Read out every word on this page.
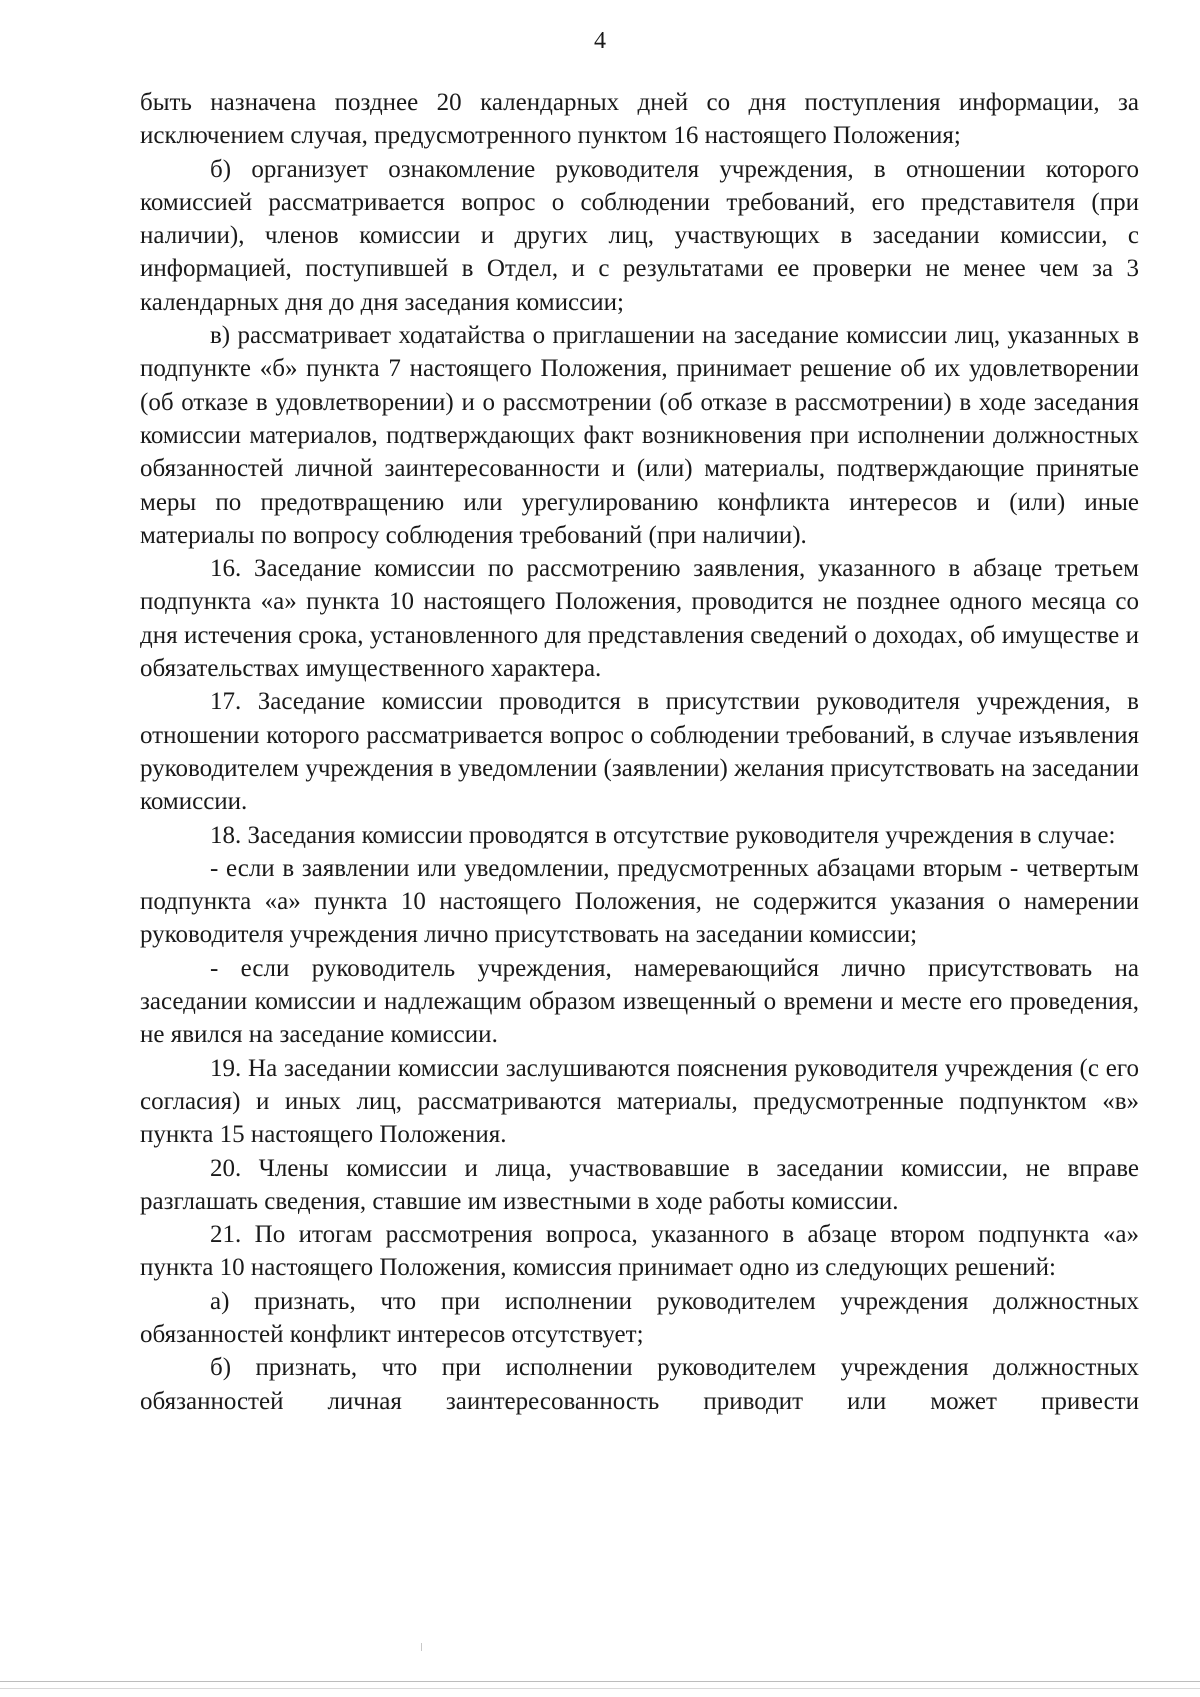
4

быть назначена позднее 20 календарных дней со дня поступления информации, за исключением случая, предусмотренного пунктом 16 настоящего Положения;

б) организует ознакомление руководителя учреждения, в отношении которого комиссией рассматривается вопрос о соблюдении требований, его представителя (при наличии), членов комиссии и других лиц, участвующих в заседании комиссии, с информацией, поступившей в Отдел, и с результатами ее проверки не менее чем за 3 календарных дня до дня заседания комиссии;

в) рассматривает ходатайства о приглашении на заседание комиссии лиц, указанных в подпункте «б» пункта 7 настоящего Положения, принимает решение об их удовлетворении (об отказе в удовлетворении) и о рассмотрении (об отказе в рассмотрении) в ходе заседания комиссии материалов, подтверждающих факт возникновения при исполнении должностных обязанностей личной заинтересованности и (или) материалы, подтверждающие принятые меры по предотвращению или урегулированию конфликта интересов и (или) иные материалы по вопросу соблюдения требований (при наличии).

16. Заседание комиссии по рассмотрению заявления, указанного в абзаце третьем подпункта «а» пункта 10 настоящего Положения, проводится не позднее одного месяца со дня истечения срока, установленного для представления сведений о доходах, об имуществе и обязательствах имущественного характера.

17. Заседание комиссии проводится в присутствии руководителя учреждения, в отношении которого рассматривается вопрос о соблюдении требований, в случае изъявления руководителем учреждения в уведомлении (заявлении) желания присутствовать на заседании комиссии.

18. Заседания комиссии проводятся в отсутствие руководителя учреждения в случае:

- если в заявлении или уведомлении, предусмотренных абзацами вторым - четвертым подпункта «а» пункта 10 настоящего Положения, не содержится указания о намерении руководителя учреждения лично присутствовать на заседании комиссии;

- если руководитель учреждения, намеревающийся лично присутствовать на заседании комиссии и надлежащим образом извещенный о времени и месте его проведения, не явился на заседание комиссии.

19. На заседании комиссии заслушиваются пояснения руководителя учреждения (с его согласия) и иных лиц, рассматриваются материалы, предусмотренные подпунктом «в» пункта 15 настоящего Положения.

20. Члены комиссии и лица, участвовавшие в заседании комиссии, не вправе разглашать сведения, ставшие им известными в ходе работы комиссии.

21. По итогам рассмотрения вопроса, указанного в абзаце втором подпункта «а» пункта 10 настоящего Положения, комиссия принимает одно из следующих решений:

а) признать, что при исполнении руководителем учреждения должностных обязанностей конфликт интересов отсутствует;

б) признать, что при исполнении руководителем учреждения должностных обязанностей личная заинтересованность приводит или может привести
